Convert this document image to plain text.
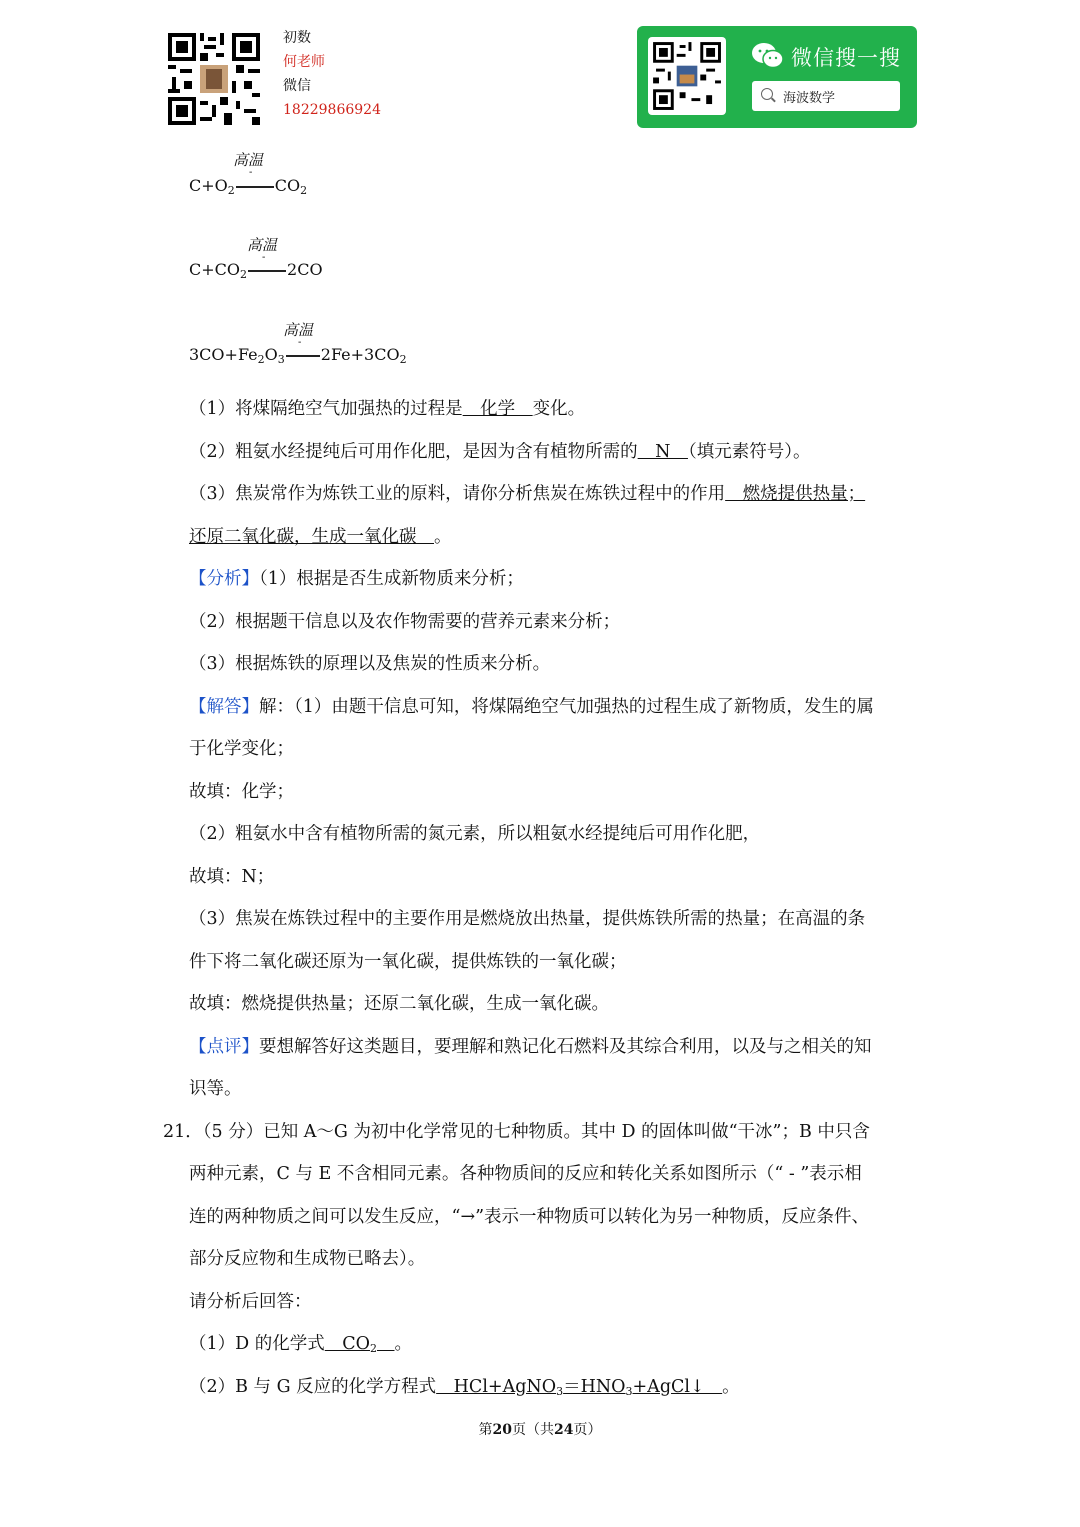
初数
何老师
微信
18229866924
微信搜一搜
海波数学
高温
-
$C+O_2$	$CO_2$
高温
-
$C+CO_2$	2CO
高温
-
$3CO+Fe_2O_3$ $2Fe+3CO_2$
（1）将煤隔绝空气加强热的过程是　化学　变化。
（2）粗氨水经提纯后可用作化肥，是因为含有植物所需的　N　（填元素符号）。
（3）焦炭常作为炼铁工业的原料，请你分析焦炭在炼铁过程中的作用　燃烧提供热量；
还原二氧化碳，生成一氧化碳　。
【分析】（1）根据是否生成新物质来分析；
（2）根据题干信息以及农作物需要的营养元素来分析；
（3）根据炼铁的原理以及焦炭的性质来分析。
【解答】解：（1）由题干信息可知，将煤隔绝空气加强热的过程生成了新物质，发生的属
于化学变化；
故填：化学；
（2）粗氨水中含有植物所需的氮元素，所以粗氨水经提纯后可用作化肥，
故填：N；
（3）焦炭在炼铁过程中的主要作用是燃烧放出热量，提供炼铁所需的热量；在高温的条
件下将二氧化碳还原为一氧化碳，提供炼铁的一氧化碳；
故填：燃烧提供热量；还原二氧化碳，生成一氧化碳。
【点评】要想解答好这类题目，要理解和熟记化石燃料及其综合利用，以及与之相关的知
识等。
21．（5 分）已知 A～G 为初中化学常见的七种物质。其中 D 的固体叫做“干冰”；B 中只含
两种元素，C 与 E 不含相同元素。各种物质间的反应和转化关系如图所示（“ - ”表示相
连的两种物质之间可以发生反应，“→”表示一种物质可以转化为另一种物质，反应条件、
部分反应物和生成物已略去）。
请分析后回答：
（1）D 的化学式　$CO_2$　 。
（2）B 与 G 反应的化学方程式　$HCl+AgNO_3=HNO_3+AgCl↓$　。
第20页（共24页）
